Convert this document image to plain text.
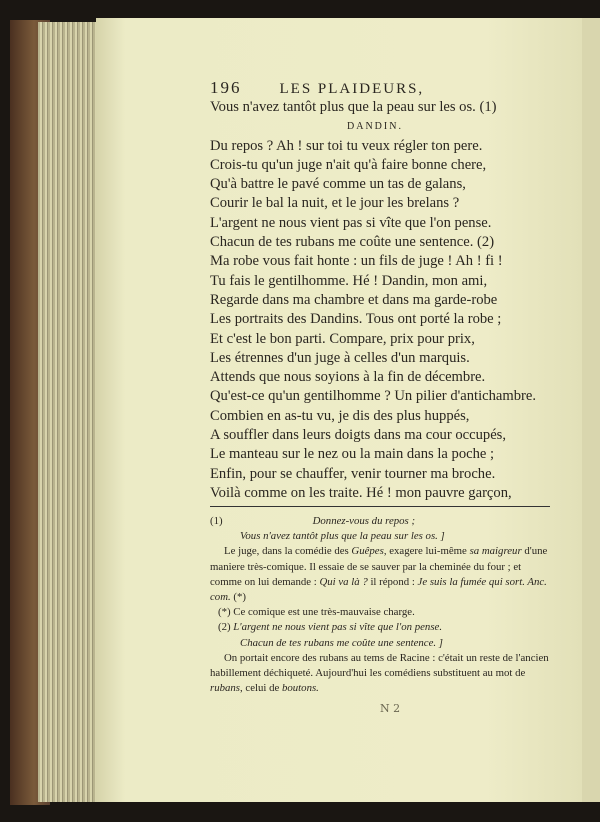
196	LES PLAIDEURS,
Vous n'avez tantôt plus que la peau sur les os. (1)

DANDIN.
Du repos ? Ah ! sur toi tu veux régler ton pere.
Crois-tu qu'un juge n'ait qu'à faire bonne chere,
Qu'à battre le pavé comme un tas de galans,
Courir le bal la nuit, et le jour les brelans ?
L'argent ne nous vient pas si vîte que l'on pense.
Chacun de tes rubans me coûte une sentence. (2)
Ma robe vous fait honte : un fils de juge ! Ah ! fi !
Tu fais le gentilhomme. Hé ! Dandin, mon ami,
Regarde dans ma chambre et dans ma garde-robe
Les portraits des Dandins. Tous ont porté la robe ;
Et c'est le bon parti. Compare, prix pour prix,
Les étrennes d'un juge à celles d'un marquis.
Attends que nous soyions à la fin de décembre.
Qu'est-ce qu'un gentilhomme ? Un pilier d'antichambre.
Combien en as-tu vu, je dis des plus huppés,
A souffler dans leurs doigts dans ma cour occupés,
Le manteau sur le nez ou la main dans la poche ;
Enfin, pour se chauffer, venir tourner ma broche.
Voilà comme on les traite. Hé ! mon pauvre garçon,
(1)	Donnez-vous du repos ;
Vous n'avez tantôt plus que la peau sur les os. ]
Le juge, dans la comédie des Guêpes, exagere lui-même sa maigreur d'une maniere très-comique. Il essaie de se sauver par la cheminée du four ; et comme on lui demande : Qui va là ? il répond : Je suis la fumée qui sort. Anc. com. (*)
(*) Ce comique est une très-mauvaise charge.
(2) L'argent ne nous vient pas si vîte que l'on pense.
Chacun de tes rubans me coûte une sentence. ]
On portait encore des rubans au tems de Racine : c'était un reste de l'ancien habillement déchiqueté. Aujourd'hui les comédiens substituent au mot de rubans, celui de boutons.
N 2
